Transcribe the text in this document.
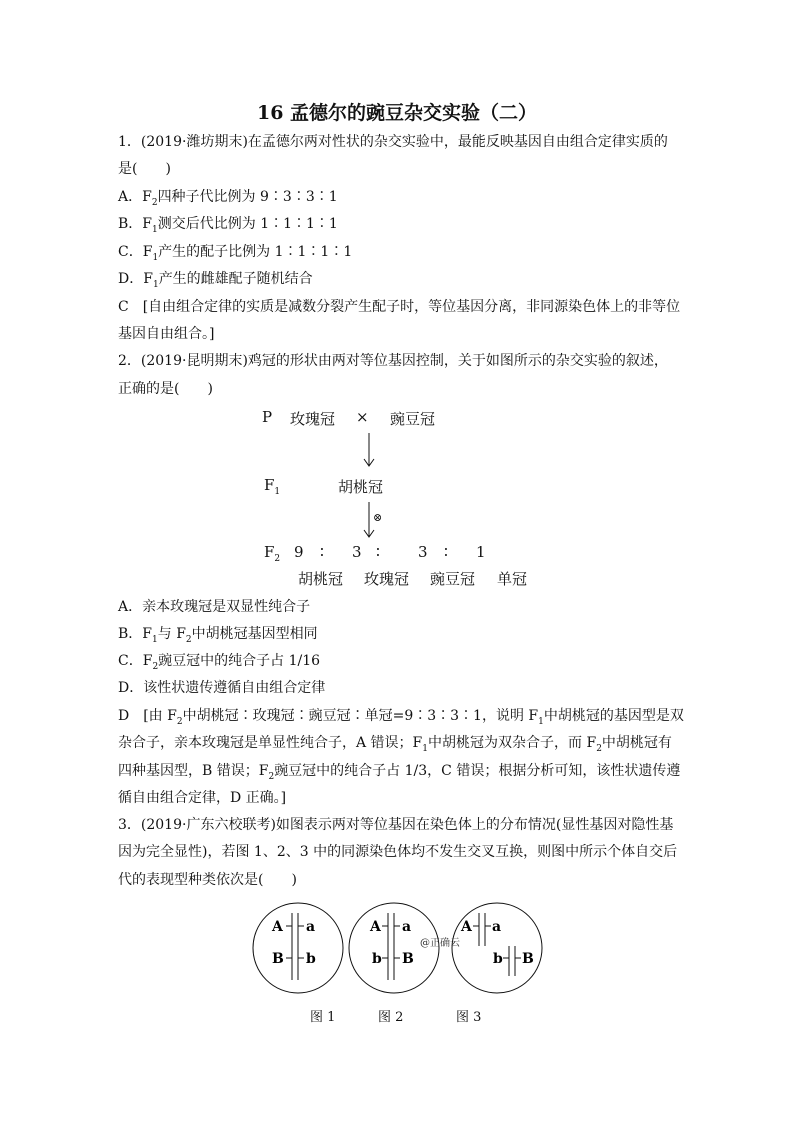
16 孟德尔的豌豆杂交实验（二）
1．(2019·潍坊期末)在孟德尔两对性状的杂交实验中，最能反映基因自由组合定律实质的
是(　　)
A．$F_2$四种子代比例为 9∶3∶3∶1
B．$F_1$测交后代比例为 1∶1∶1∶1
C．$F_1$产生的配子比例为 1∶1∶1∶1
D．$F_1$产生的雌雄配子随机结合
C　[自由组合定律的实质是减数分裂产生配子时，等位基因分离，非同源染色体上的非等位
基因自由组合。]
2．(2019·昆明期末)鸡冠的形状由两对等位基因控制，关于如图所示的杂交实验的叙述，
正确的是(　　)
P 玫瑰冠 × 豌豆冠
$F_1$	胡桃冠
⊗
$F_2$ 9 ∶ 3 ∶	3 ∶ 1
胡桃冠 玫瑰冠 豌豆冠 单冠
A．亲本玫瑰冠是双显性纯合子
B．$F_1$与 $F_2$中胡桃冠基因型相同
C．$F_2$豌豆冠中的纯合子占 1/16
D．该性状遗传遵循自由组合定律
D　[由 $F_2$中胡桃冠∶玫瑰冠∶豌豆冠∶单冠=9∶3∶3∶1，说明 $F_1$中胡桃冠的基因型是双
杂合子，亲本玫瑰冠是单显性纯合子，A 错误；$F_1$中胡桃冠为双杂合子，而 $F_2$中胡桃冠有
四种基因型，B 错误；$F_2$豌豆冠中的纯合子占 1/3，C 错误；根据分析可知，该性状遗传遵
循自由组合定律，D 正确。]
3．(2019·广东六校联考)如图表示两对等位基因在染色体上的分布情况(显性基因对隐性基
因为完全显性)，若图 1、2、3 中的同源染色体均不发生交叉互换，则图中所示个体自交后
代的表现型种类依次是(　　)
A a
B b
A a
b B
A a
b B
@正确云
图 1	图 2	图 3
